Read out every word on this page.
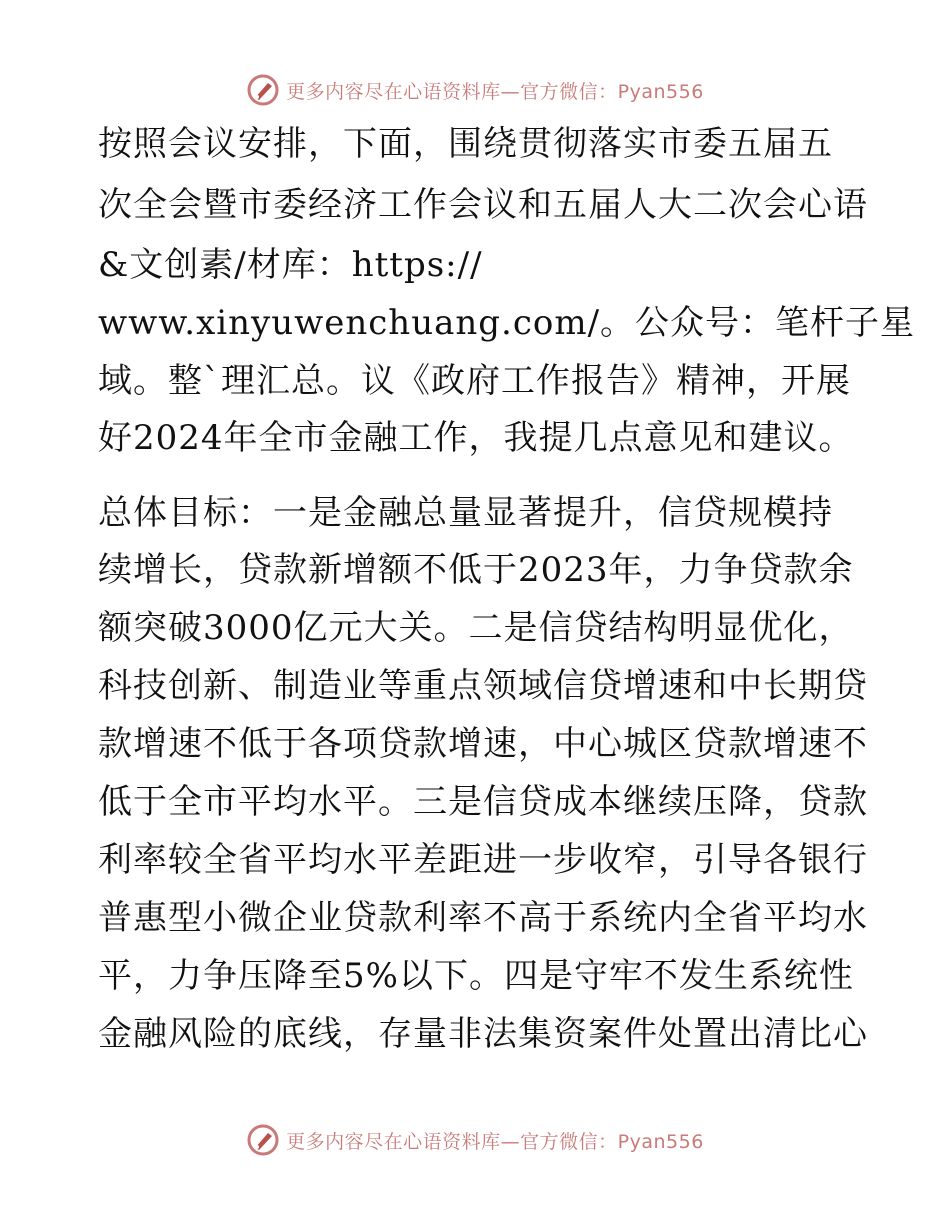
更多内容尽在心语资料库—官方微信：Pyan556
按照会议安排，下面，围绕贯彻落实市委五届五
次全会暨市委经济工作会议和五届人大二次会心语
&文创素/材库：https://
www.xinyuwenchuang.com/。公众号：笔杆子星
域。整`理汇总。议《政府工作报告》精神，开展
好2024年全市金融工作，我提几点意见和建议。
总体目标：一是金融总量显著提升，信贷规模持
续增长，贷款新增额不低于2023年，力争贷款余
额突破3000亿元大关。二是信贷结构明显优化，
科技创新、制造业等重点领域信贷增速和中长期贷
款增速不低于各项贷款增速，中心城区贷款增速不
低于全市平均水平。三是信贷成本继续压降，贷款
利率较全省平均水平差距进一步收窄，引导各银行
普惠型小微企业贷款利率不高于系统内全省平均水
平，力争压降至5%以下。四是守牢不发生系统性
金融风险的底线，存量非法集资案件处置出清比心
更多内容尽在心语资料库—官方微信：Pyan556
